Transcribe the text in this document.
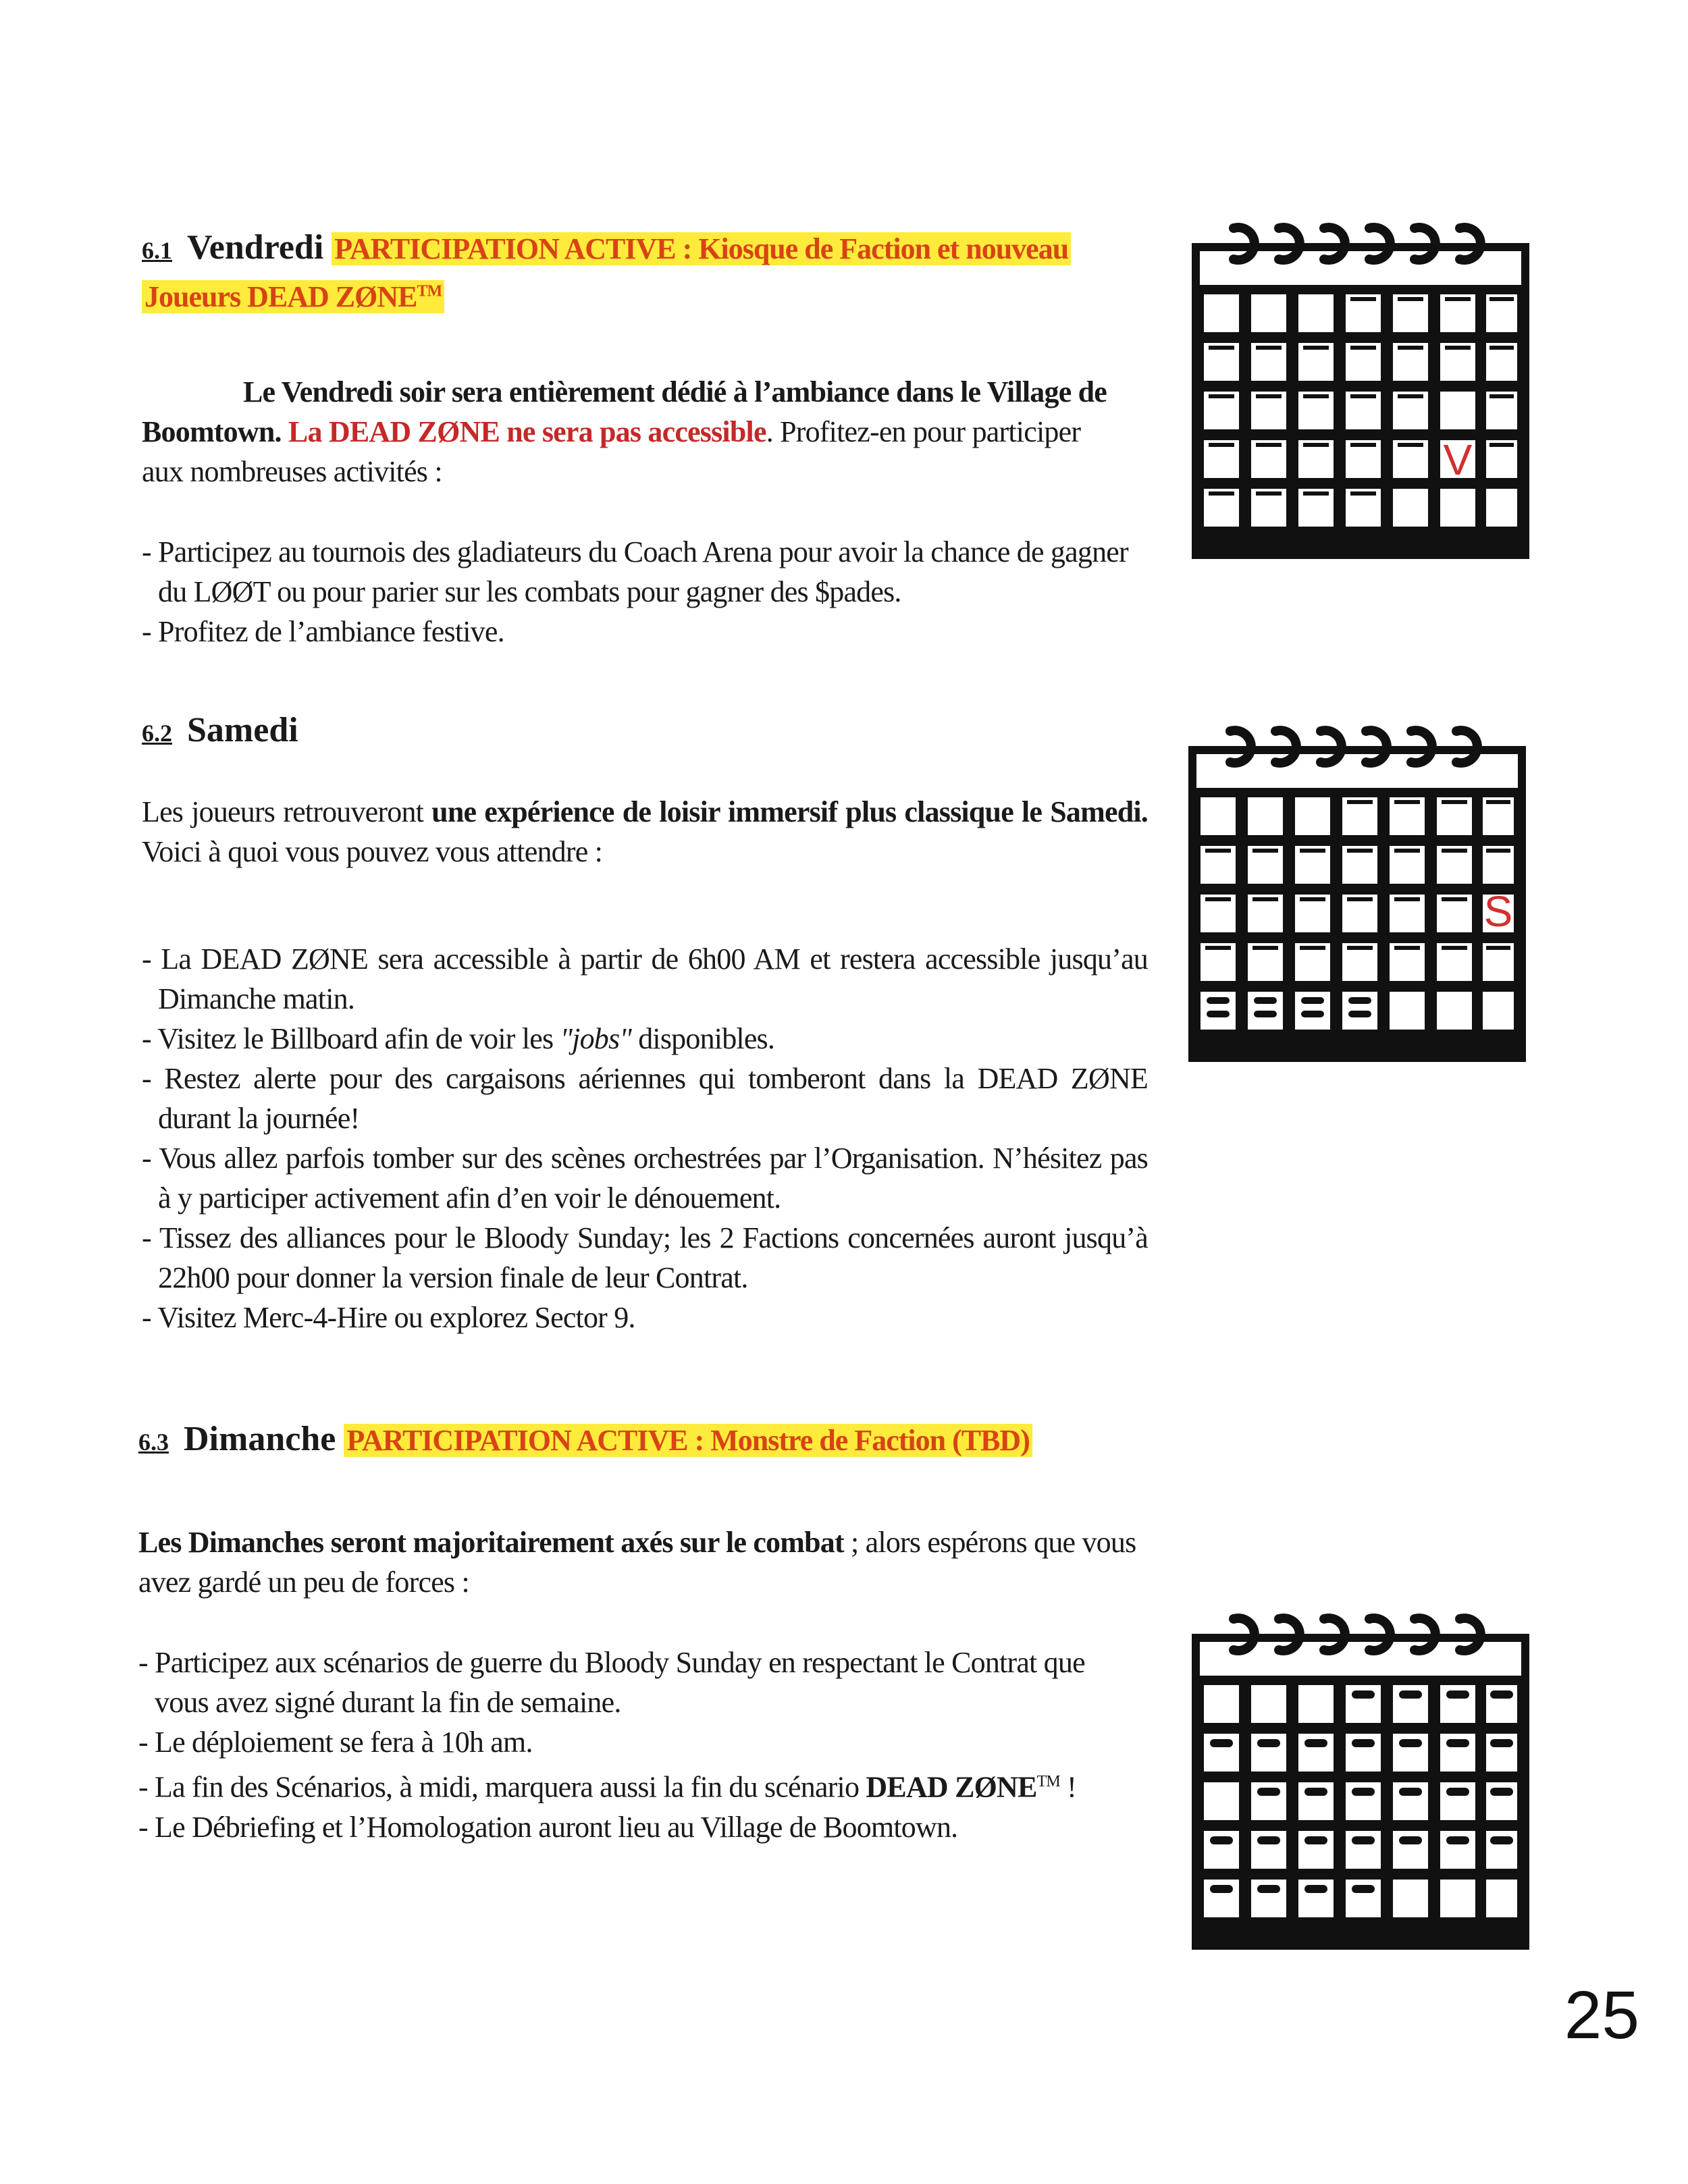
6.1 Vendredi PARTICIPATION ACTIVE : Kiosque de Faction et nouveau
Joueurs DEAD ZØNE™

Le Vendredi soir sera entièrement dédié à l’ambiance dans le Village de

Boomtown. La DEAD ZØNE ne sera pas accessible. Profitez-en pour participer
aux nombreuses activités :

- Participez au tournois des gladiateurs du Coach Arena pour avoir la chance de gagner du LØØT ou pour parier sur les combats pour gagner des $pades.
- Profitez de l’ambiance festive.
V
6.2 Samedi

Les joueurs retrouveront une expérience de loisir immersif plus classique le Samedi. Voici à quoi vous pouvez vous attendre :

- La DEAD ZØNE sera accessible à partir de 6h00 AM et restera accessible jusqu’au Dimanche matin.
- Visitez le Billboard afin de voir les "jobs" disponibles.
- Restez alerte pour des cargaisons aériennes qui tomberont dans la DEAD ZØNE durant la journée!
- Vous allez parfois tomber sur des scènes orchestrées par l’Organisation. N’hésitez pas à y participer activement afin d’en voir le dénouement.
- Tissez des alliances pour le Bloody Sunday; les 2 Factions concernées auront jusqu’à 22h00 pour donner la version finale de leur Contrat.
- Visitez Merc-4-Hire ou explorez Sector 9.
S
6.3 Dimanche PARTICIPATION ACTIVE : Monstre de Faction (TBD)

Les Dimanches seront majoritairement axés sur le combat ; alors espérons que vous avez gardé un peu de forces :

- Participez aux scénarios de guerre du Bloody Sunday en respectant le Contrat que vous avez signé durant la fin de semaine.
- Le déploiement se fera à 10h am.
- La fin des Scénarios, à midi, marquera aussi la fin du scénario DEAD ZØNE™ !
- Le Débriefing et l’Homologation auront lieu au Village de Boomtown.
25
